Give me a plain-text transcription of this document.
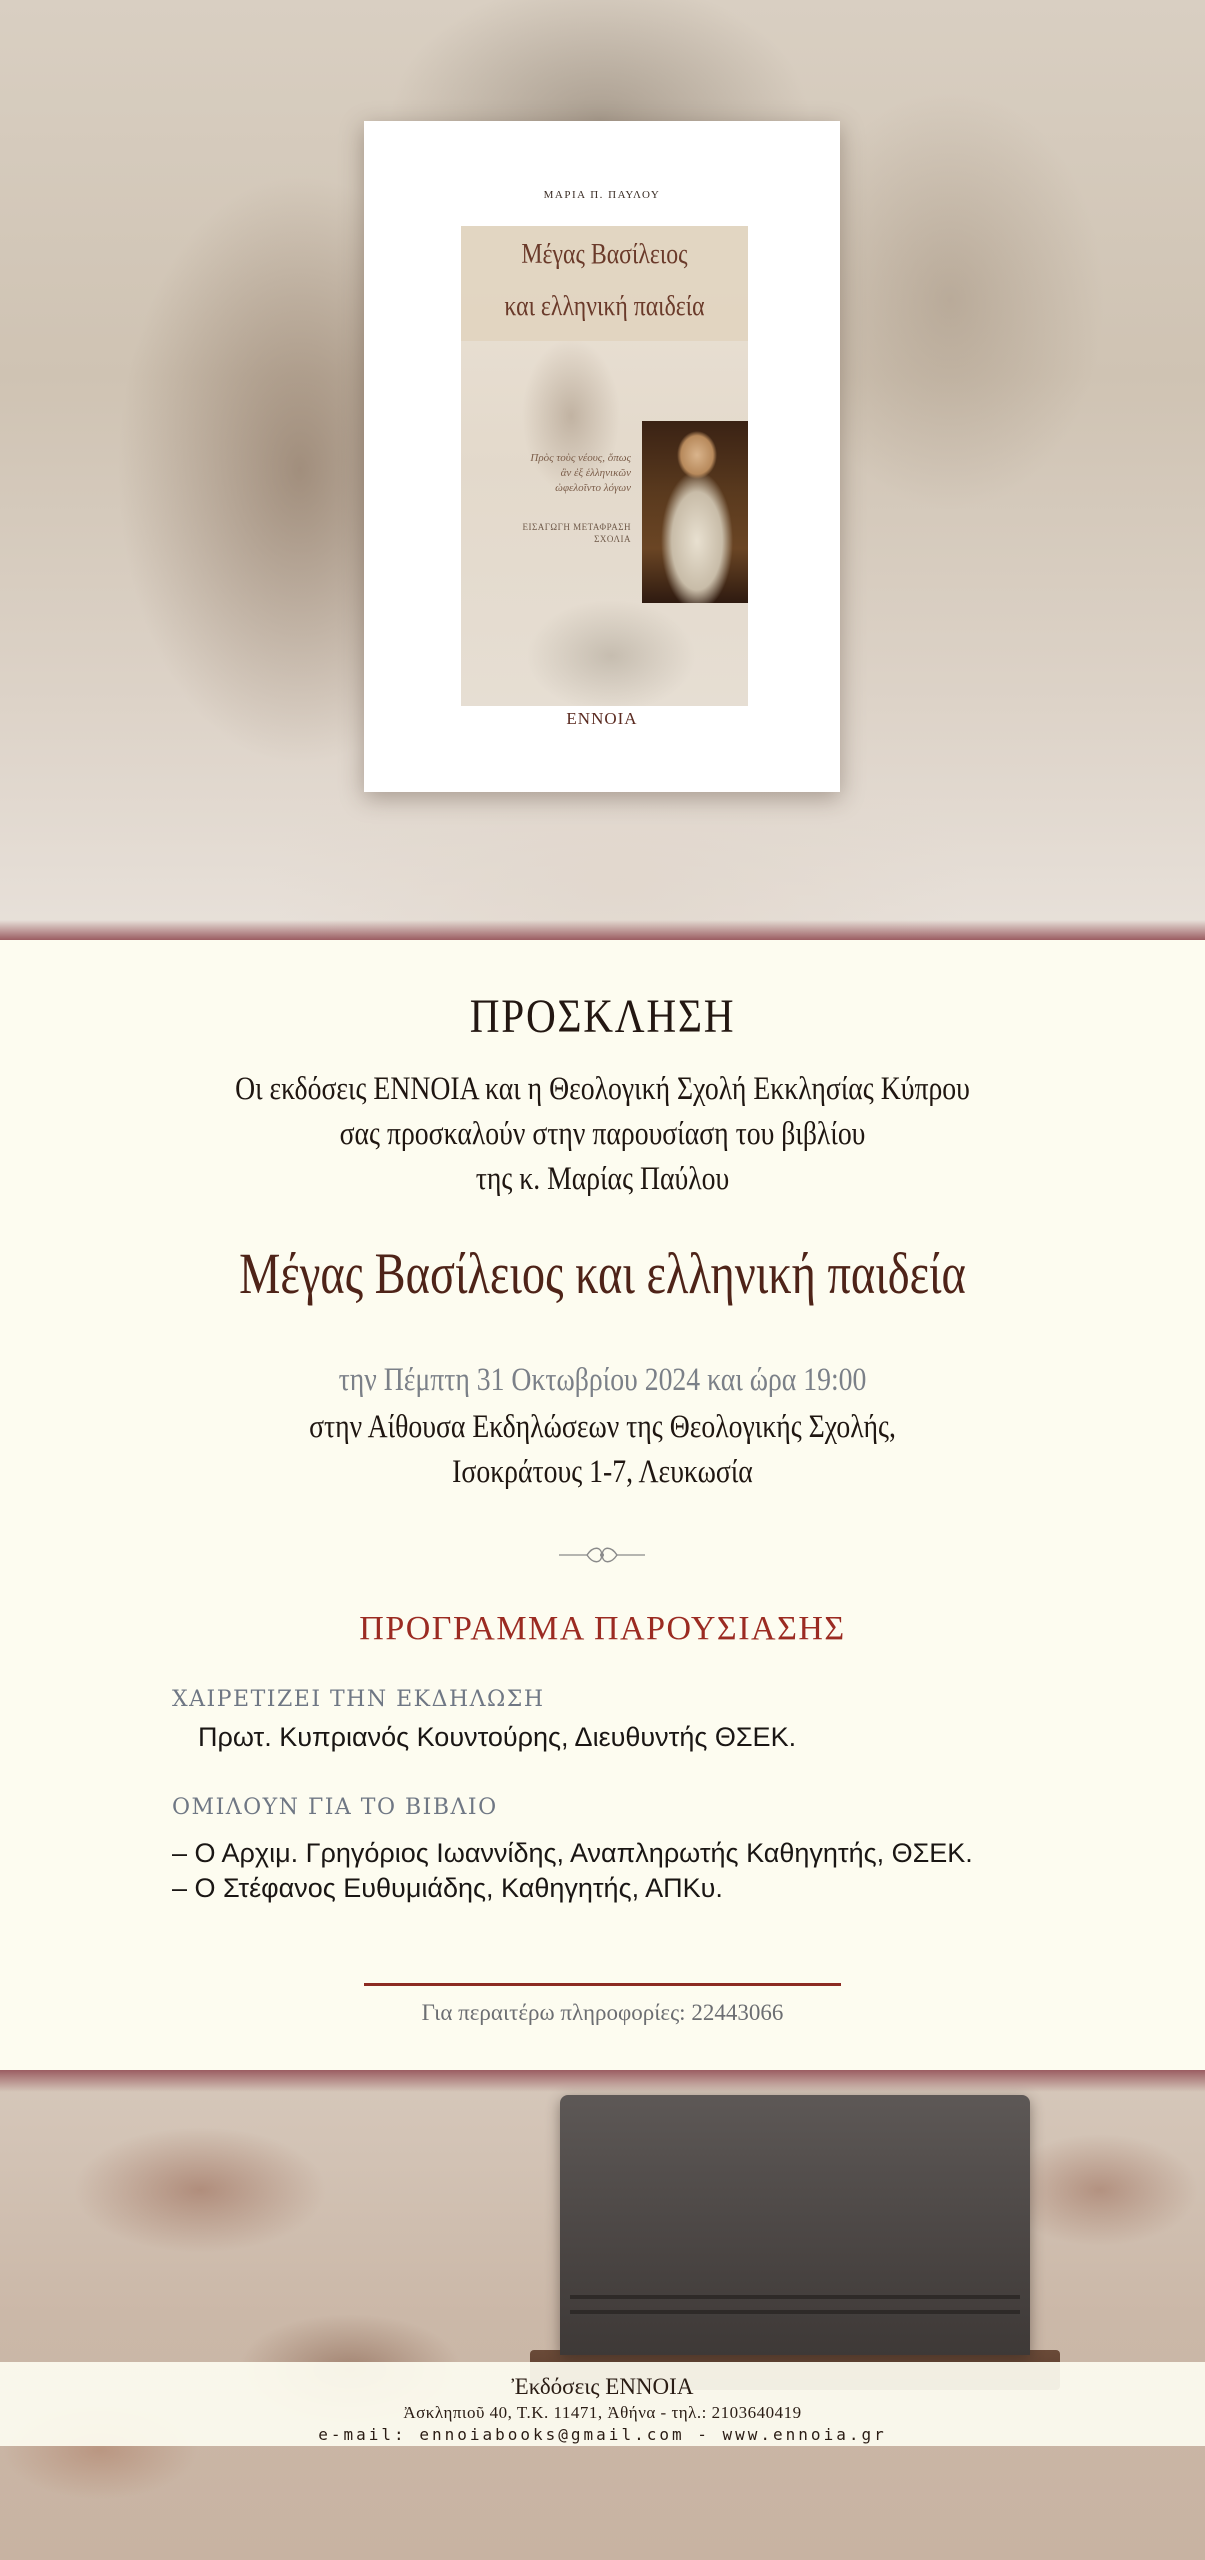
ΜΑΡΙΑ Π. ΠΑΥΛΟΥ
Μέγας Βασίλειος
και ελληνική παιδεία
Πρὸς τοὺς νέους, ὅπως ἂν ἐξ ἑλληνικῶν ὠφελοῖντο λόγων
ΕΙΣΑΓΩΓΗ ΜΕΤΑΦΡΑΣΗ ΣΧΟΛΙΑ
ΕΝΝΟΙΑ
ΠΡΟΣΚΛΗΣΗ
Οι εκδόσεις ΕΝΝΟΙΑ και η Θεολογική Σχολή Εκκλησίας Κύπρου
σας προσκαλούν στην παρουσίαση του βιβλίου
της κ. Μαρίας Παύλου
Μέγας Βασίλειος και ελληνική παιδεία
την Πέμπτη 31 Οκτωβρίου 2024 και ώρα 19:00
στην Αίθουσα Εκδηλώσεων της Θεολογικής Σχολής,
Ισοκράτους 1-7, Λευκωσία
ΠΡΟΓΡΑΜΜΑ ΠΑΡΟΥΣΙΑΣΗΣ
ΧΑΙΡΕΤΙΖΕΙ ΤΗΝ ΕΚΔΗΛΩΣΗ
Πρωτ. Κυπριανός Κουντούρης, Διευθυντής ΘΣΕΚ.
ΟΜΙΛΟΥΝ ΓΙΑ ΤΟ ΒΙΒΛΙΟ
– Ο Αρχιμ. Γρηγόριος Ιωαννίδης, Αναπληρωτής Καθηγητής, ΘΣΕΚ.
– Ο Στέφανος Ευθυμιάδης, Καθηγητής, ΑΠΚυ.
Για περαιτέρω πληροφορίες: 22443066
Ἐκδόσεις ΕΝΝΟΙΑ
Ἀσκληπιοῦ 40, Τ.Κ. 11471, Ἀθήνα - τηλ.: 2103640419
e-mail: ennoiabooks@gmail.com - www.ennoia.gr
